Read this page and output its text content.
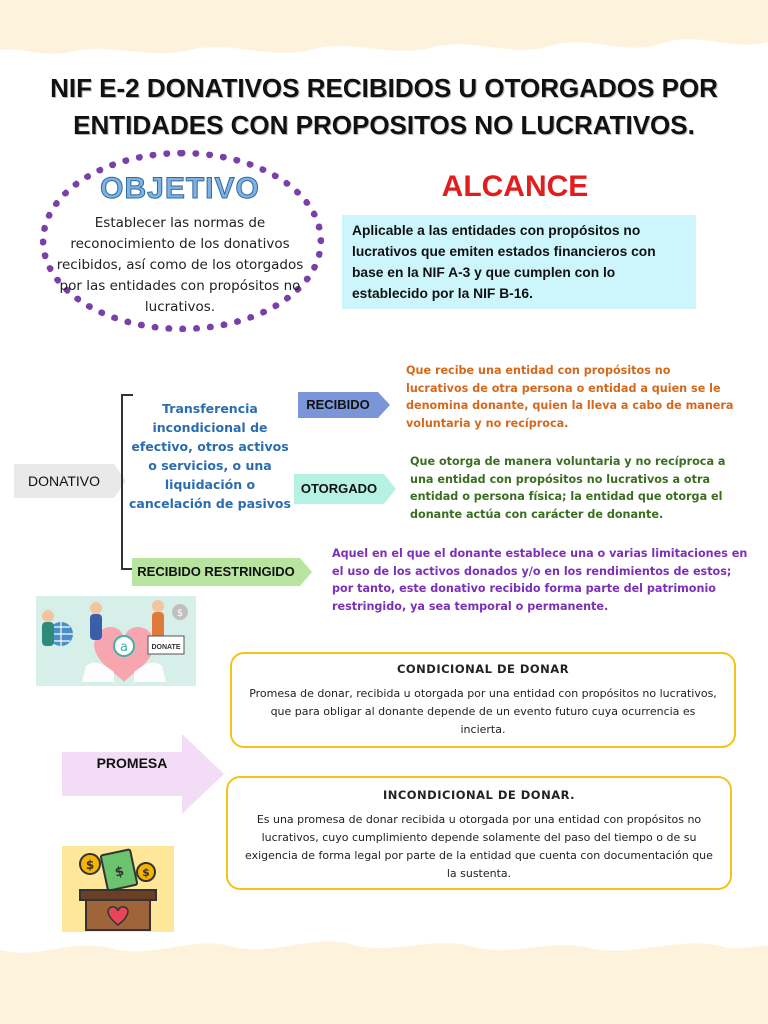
NIF E-2 DONATIVOS RECIBIDOS U OTORGADOS POR
ENTIDADES CON PROPOSITOS NO LUCRATIVOS.
OBJETIVO
Establecer las normas de reconocimiento de los donativos recibidos, así como de los otorgados por las entidades con propósitos no lucrativos.
ALCANCE
Aplicable a las entidades con propósitos no lucrativos que emiten estados financieros con base en la NIF A-3 y que cumplen con lo establecido por la NIF B-16.
DONATIVO
Transferencia incondicional de efectivo, otros activos o servicios, o una liquidación o cancelación de pasivos
RECIBIDO
Que recibe una entidad con propósitos no lucrativos de otra persona o entidad a quien se le denomina donante, quien la lleva a cabo de manera voluntaria y no recíproca.
OTORGADO
Que otorga de manera voluntaria y no recíproca a una entidad con propósitos no lucrativos a otra entidad o persona física; la entidad que otorga el donante actúa con carácter de donante.
RECIBIDO RESTRINGIDO
Aquel en el que el donante establece una o varias limitaciones en el uso de los activos donados y/o en los rendimientos de estos; por tanto, este donativo recibido forma parte del patrimonio restringido, ya sea temporal o permanente.
a
$
DONATE
PROMESA
CONDICIONAL DE DONAR
Promesa de donar, recibida u otorgada por una entidad con propósitos no lucrativos, que para obligar al donante depende de un evento futuro cuya ocurrencia es incierta.
INCONDICIONAL DE DONAR.
Es una promesa de donar recibida u otorgada por una entidad con propósitos no lucrativos, cuyo cumplimiento depende solamente del paso del tiempo o de su exigencia de forma legal por parte de la entidad que cuenta con documentación que la sustenta.
$
$
$
